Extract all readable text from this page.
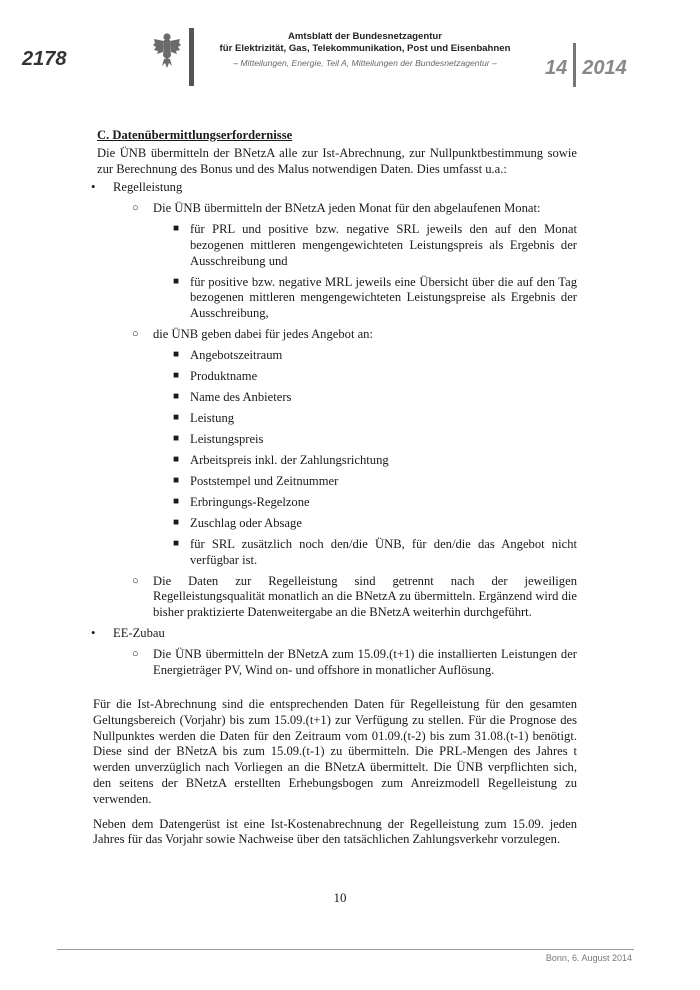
2178
Amtsblatt der Bundesnetzagentur
für Elektrizität, Gas, Telekommunikation, Post und Eisenbahnen
– Mitteilungen, Energie, Teil A, Mitteilungen der Bundesnetzagentur –	14 2014
C. Datenübermittlungserfordernisse

Die ÜNB übermitteln der BNetzA alle zur Ist-Abrechnung, zur Nullpunktbestimmung sowie zur Berechnung des Bonus und des Malus notwendigen Daten. Dies umfasst u.a.:

• Regelleistung
○ Die ÜNB übermitteln der BNetzA jeden Monat für den abgelaufenen Monat:
■ für PRL und positive bzw. negative SRL jeweils den auf den Monat bezogenen mittleren mengengewichteten Leistungspreis als Ergebnis der Ausschreibung und
■ für positive bzw. negative MRL jeweils eine Übersicht über die auf den Tag bezogenen mittleren mengengewichteten Leistungspreise als Ergebnis der Ausschreibung,
○ die ÜNB geben dabei für jedes Angebot an:
■ Angebotszeitraum
■ Produktname
■ Name des Anbieters
■ Leistung
■ Leistungspreis
■ Arbeitspreis inkl. der Zahlungsrichtung
■ Poststempel und Zeitnummer
■ Erbringungs-Regelzone
■ Zuschlag oder Absage
■ für SRL zusätzlich noch den/die ÜNB, für den/die das Angebot nicht verfügbar ist.
○ Die Daten zur Regelleistung sind getrennt nach der jeweiligen Regelleistungsqualität monatlich an die BNetzA zu übermitteln. Ergänzend wird die bisher praktizierte Datenweitergabe an die BNetzA weiterhin durchgeführt.
• EE-Zubau
○ Die ÜNB übermitteln der BNetzA zum 15.09.(t+1) die installierten Leistungen der Energieträger PV, Wind on- und offshore in monatlicher Auflösung.

Für die Ist-Abrechnung sind die entsprechenden Daten für Regelleistung für den gesamten Geltungsbereich (Vorjahr) bis zum 15.09.(t+1) zur Verfügung zu stellen. Für die Prognose des Nullpunktes werden die Daten für den Zeitraum vom 01.09.(t-2) bis zum 31.08.(t-1) benötigt. Diese sind der BNetzA bis zum 15.09.(t-1) zu übermitteln. Die PRL-Mengen des Jahres t werden unverzüglich nach Vorliegen an die BNetzA übermittelt. Die ÜNB verpflichten sich, den seitens der BNetzA erstellten Erhebungsbogen zum Anreizmodell Regelleistung zu verwenden.

Neben dem Datengerüst ist eine Ist-Kostenabrechnung der Regelleistung zum 15.09. jeden Jahres für das Vorjahr sowie Nachweise über den tatsächlichen Zahlungsverkehr vorzulegen.

10
Bonn, 6. August 2014
